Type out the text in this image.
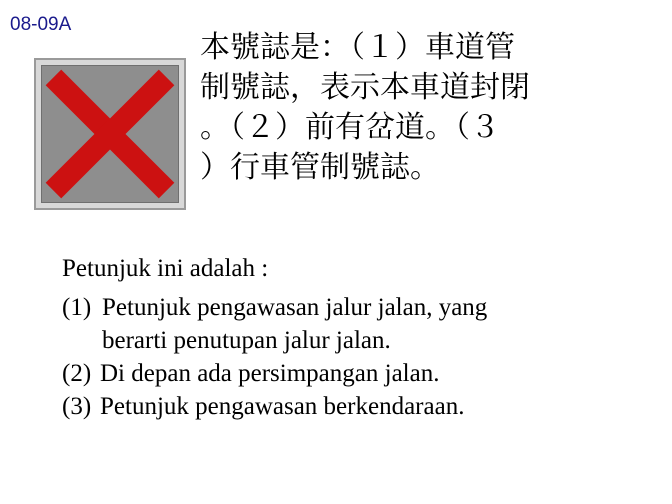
08-09A
本號誌是：（１）車道管
制號誌，表示本車道封閉
。（２）前有岔道。（３
）行車管制號誌。

Petunjuk ini adalah :

(1) Petunjuk pengawasan jalur jalan, yang
berarti penutupan jalur jalan.
(2) Di depan ada persimpangan jalan.
(3) Petunjuk pengawasan berkendaraan.
